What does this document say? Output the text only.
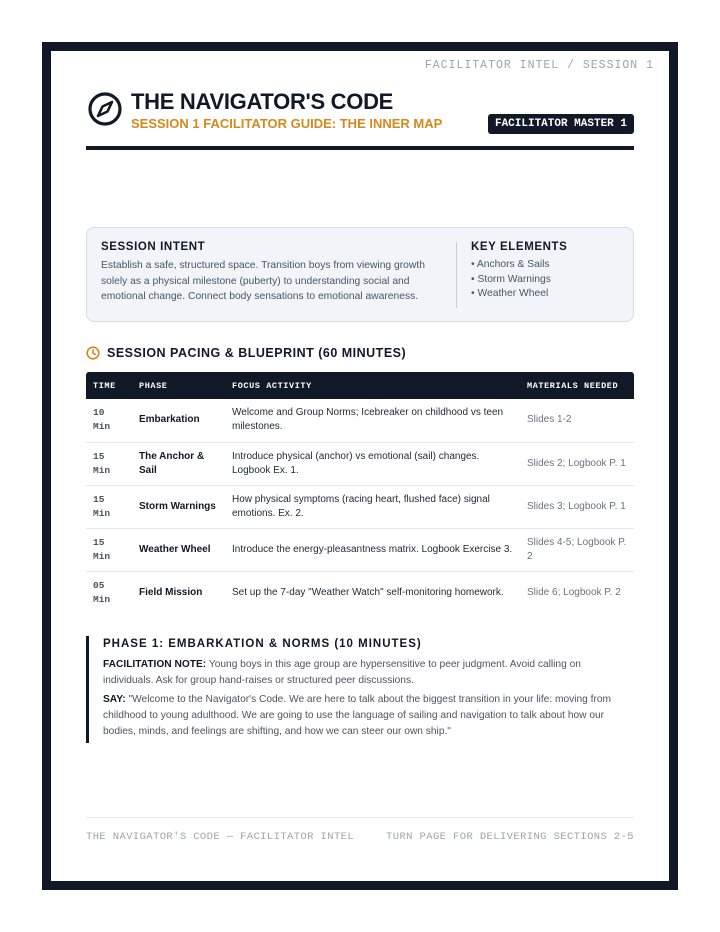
FACILITATOR INTEL / SESSION 1
THE NAVIGATOR'S CODE
SESSION 1 FACILITATOR GUIDE: THE INNER MAP	FACILITATOR MASTER 1
SESSION INTENT
Establish a safe, structured space. Transition boys from viewing growth solely as a physical milestone (puberty) to understanding social and emotional change. Connect body sensations to emotional awareness.
KEY ELEMENTS
• Anchors & Sails
• Storm Warnings
• Weather Wheel
SESSION PACING & BLUEPRINT (60 MINUTES)
TIME	PHASE	FOCUS ACTIVITY	MATERIALS NEEDED
10
Min	Embarkation	Welcome and Group Norms; Icebreaker on childhood vs teen milestones.	Slides 1-2
15
Min	The Anchor & Sail	Introduce physical (anchor) vs emotional (sail) changes. Logbook Ex. 1.	Slides 2; Logbook P. 1
15
Min	Storm Warnings	How physical symptoms (racing heart, flushed face) signal emotions. Ex. 2.	Slides 3; Logbook P. 1
15
Min	Weather Wheel	Introduce the energy-pleasantness matrix. Logbook Exercise 3.	Slides 4-5; Logbook P. 2
05
Min	Field Mission	Set up the 7-day "Weather Watch" self-monitoring homework.	Slide 6; Logbook P. 2
PHASE 1: EMBARKATION & NORMS (10 MINUTES)

FACILITATION NOTE: Young boys in this age group are hypersensitive to peer judgment. Avoid calling on individuals. Ask for group hand-raises or structured peer discussions.

SAY: "Welcome to the Navigator's Code. We are here to talk about the biggest transition in your life: moving from childhood to young adulthood. We are going to use the language of sailing and navigation to talk about how our bodies, minds, and feelings are shifting, and how we can steer our own ship."

THE NAVIGATOR'S CODE — FACILITATOR INTEL	TURN PAGE FOR DELIVERING SECTIONS 2-5
